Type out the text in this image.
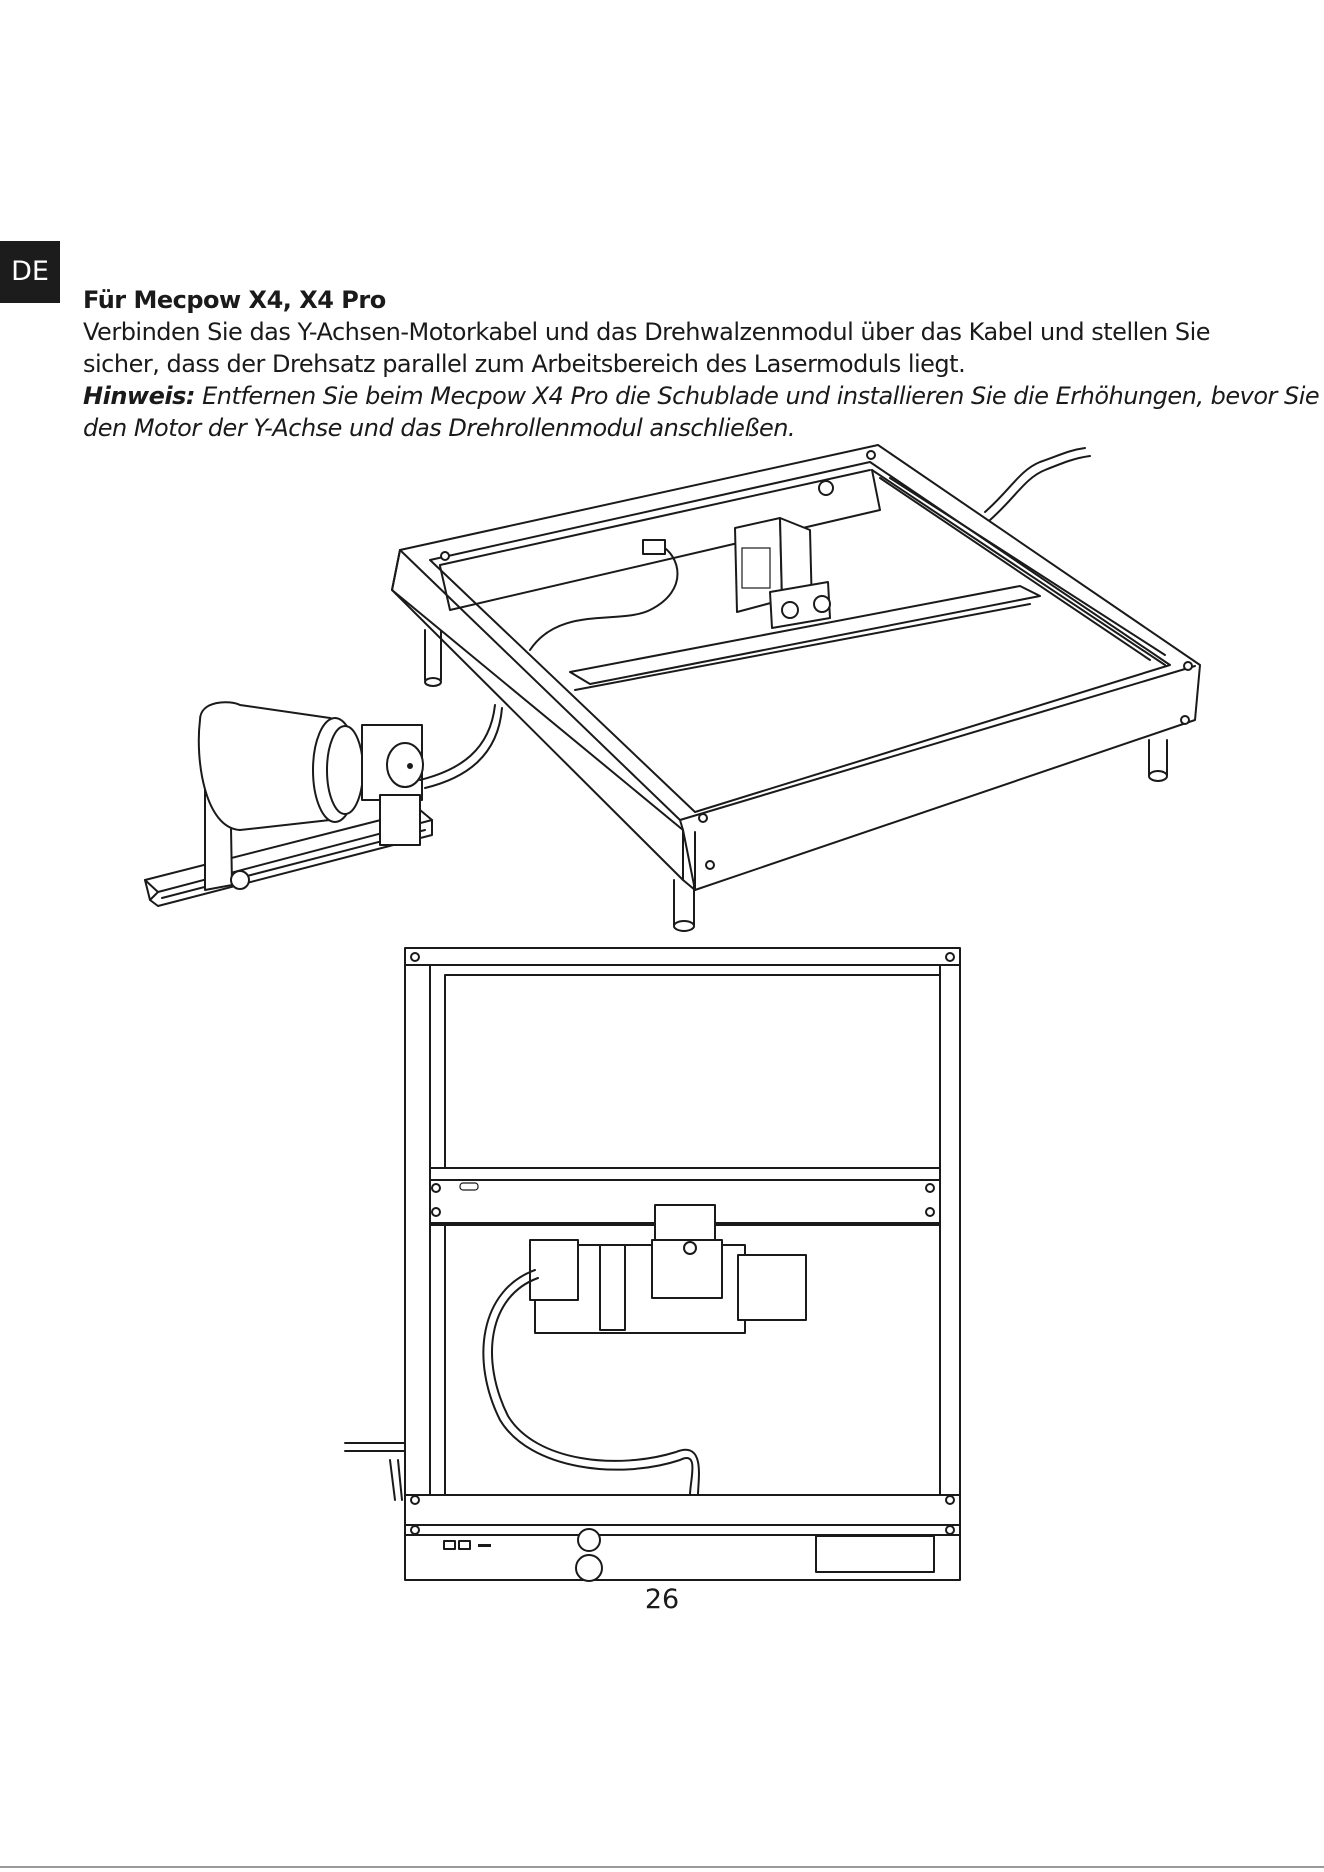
DE
Für Mecpow X4, X4 Pro
Verbinden Sie das Y-Achsen-Motorkabel und das Drehwalzenmodul über das Kabel und stellen Sie
sicher, dass der Drehsatz parallel zum Arbeitsbereich des Lasermoduls liegt.
Hinweis: Entfernen Sie beim Mecpow X4 Pro die Schublade und installieren Sie die Erhöhungen, bevor Sie
den Motor der Y-Achse und das Drehrollenmodul anschließen.
26
